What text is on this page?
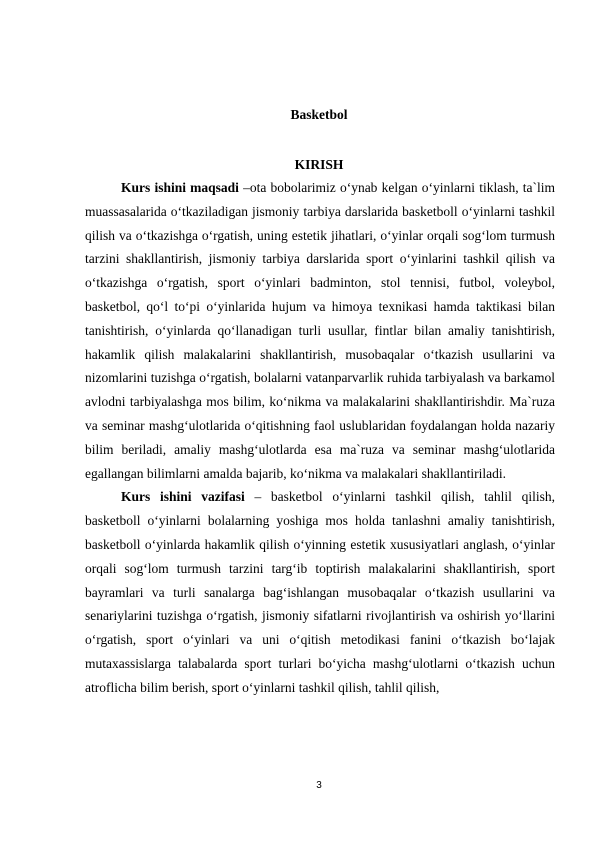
Basketbol
KIRISH

Kurs ishini maqsadi –ota bobolarimiz o‘ynab kelgan o‘yinlarni tiklash, ta`lim muassasalarida o‘tkaziladigan jismoniy tarbiya darslarida basketboll o‘yinlarni tashkil qilish va o‘tkazishga o‘rgatish, uning estetik jihatlari, o‘yinlar orqali sog‘lom turmush tarzini shakllantirish, jismoniy tarbiya darslarida sport o‘yinlarini tashkil qilish va o‘tkazishga o‘rgatish, sport o‘yinlari badminton, stol tennisi, futbol, voleybol, basketbol, qo‘l to‘pi o‘yinlarida hujum va himoya texnikasi hamda taktikasi bilan tanishtirish, o‘yinlarda qo‘llanadigan turli usullar, fintlar bilan amaliy tanishtirish, hakamlik qilish malakalarini shakllantirish, musobaqalar o‘tkazish usullarini va nizomlarini tuzishga o‘rgatish, bolalarni vatanparvarlik ruhida tarbiyalash va barkamol avlodni tarbiyalashga mos bilim, ko‘nikma va malakalarini shakllantirishdir. Ma`ruza va seminar mashg‘ulotlarida o‘qitishning faol uslublaridan foydalangan holda nazariy bilim beriladi, amaliy mashg‘ulotlarda esa ma`ruza va seminar mashg‘ulotlarida egallangan bilimlarni amalda bajarib, ko‘nikma va malakalari shakllantiriladi.

Kurs ishini vazifasi – basketbol o‘yinlarni tashkil qilish, tahlil qilish, basketboll o‘yinlarni bolalarning yoshiga mos holda tanlashni amaliy tanishtirish, basketboll o‘yinlarda hakamlik qilish o‘yinning estetik xususiyatlari anglash, o‘yinlar orqali sog‘lom turmush tarzini targ‘ib toptirish malakalarini shakllantirish, sport bayramlari va turli sanalarga bag‘ishlangan musobaqalar o‘tkazish usullarini va senariylarini tuzishga o‘rgatish, jismoniy sifatlarni rivojlantirish va oshirish yo‘llarini o‘rgatish, sport o‘yinlari va uni o‘qitish metodikasi fanini o‘tkazish bo‘lajak mutaxassislarga talabalarda sport turlari bo‘yicha mashg‘ulotlarni o‘tkazish uchun atroflicha bilim berish, sport o‘yinlarni tashkil qilish, tahlil qilish,

3
